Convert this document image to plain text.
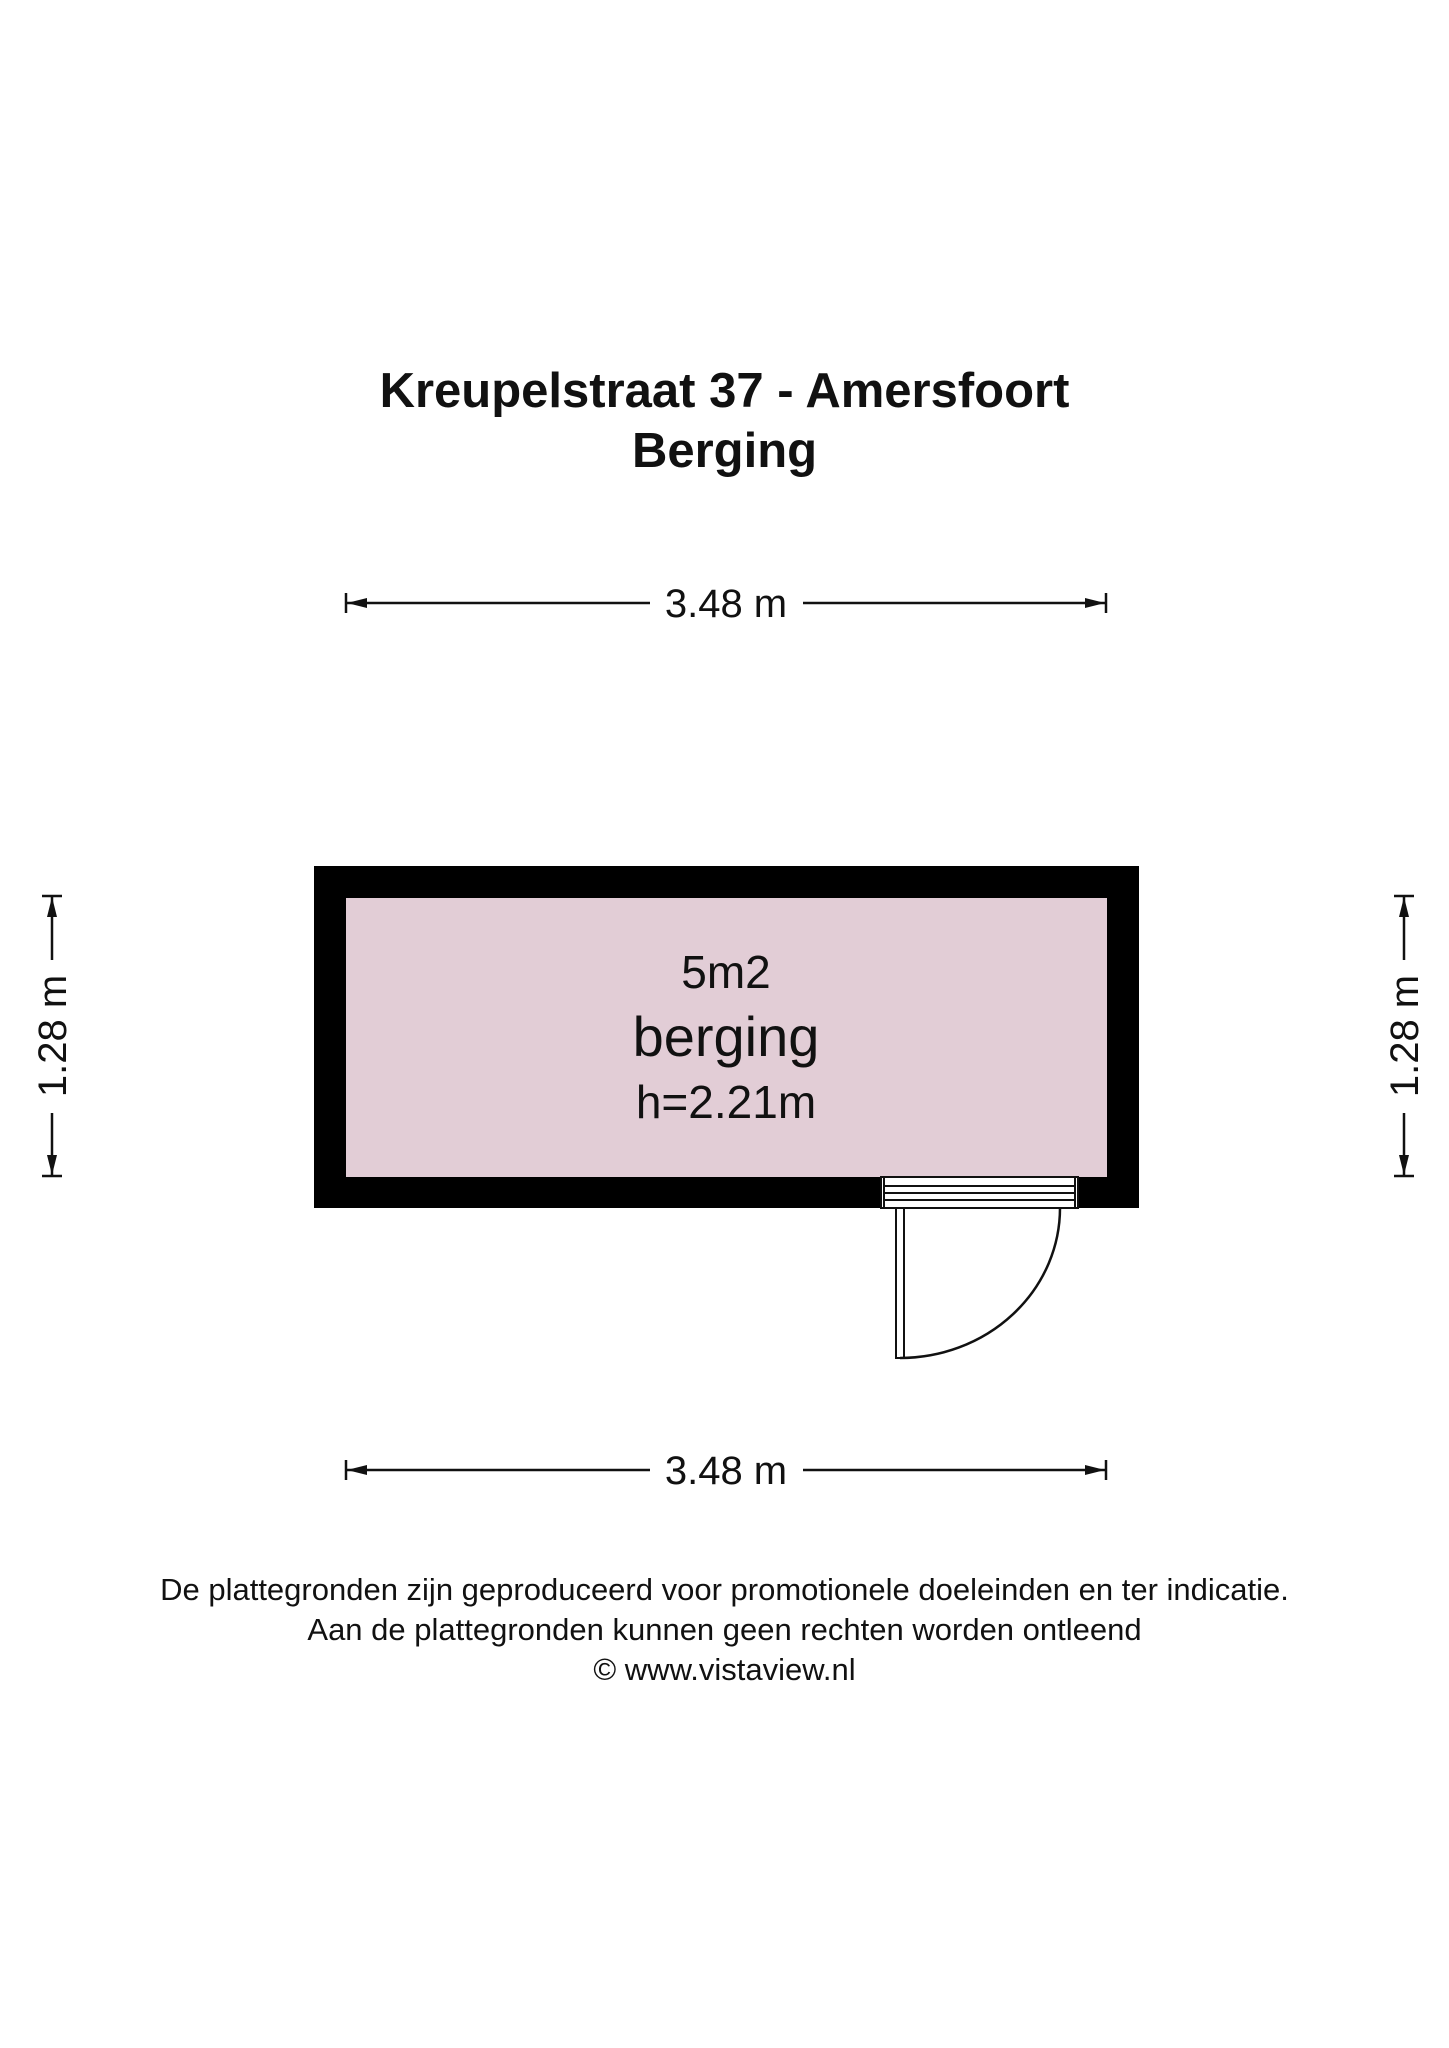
Kreupelstraat 37 - Amersfoort
Berging
3.48 m
3.48 m
1.28 m	1.28 m
5m2
berging
h=2.21m
De plattegronden zijn geproduceerd voor promotionele doeleinden en ter indicatie.
Aan de plattegronden kunnen geen rechten worden ontleend
© www.vistaview.nl
